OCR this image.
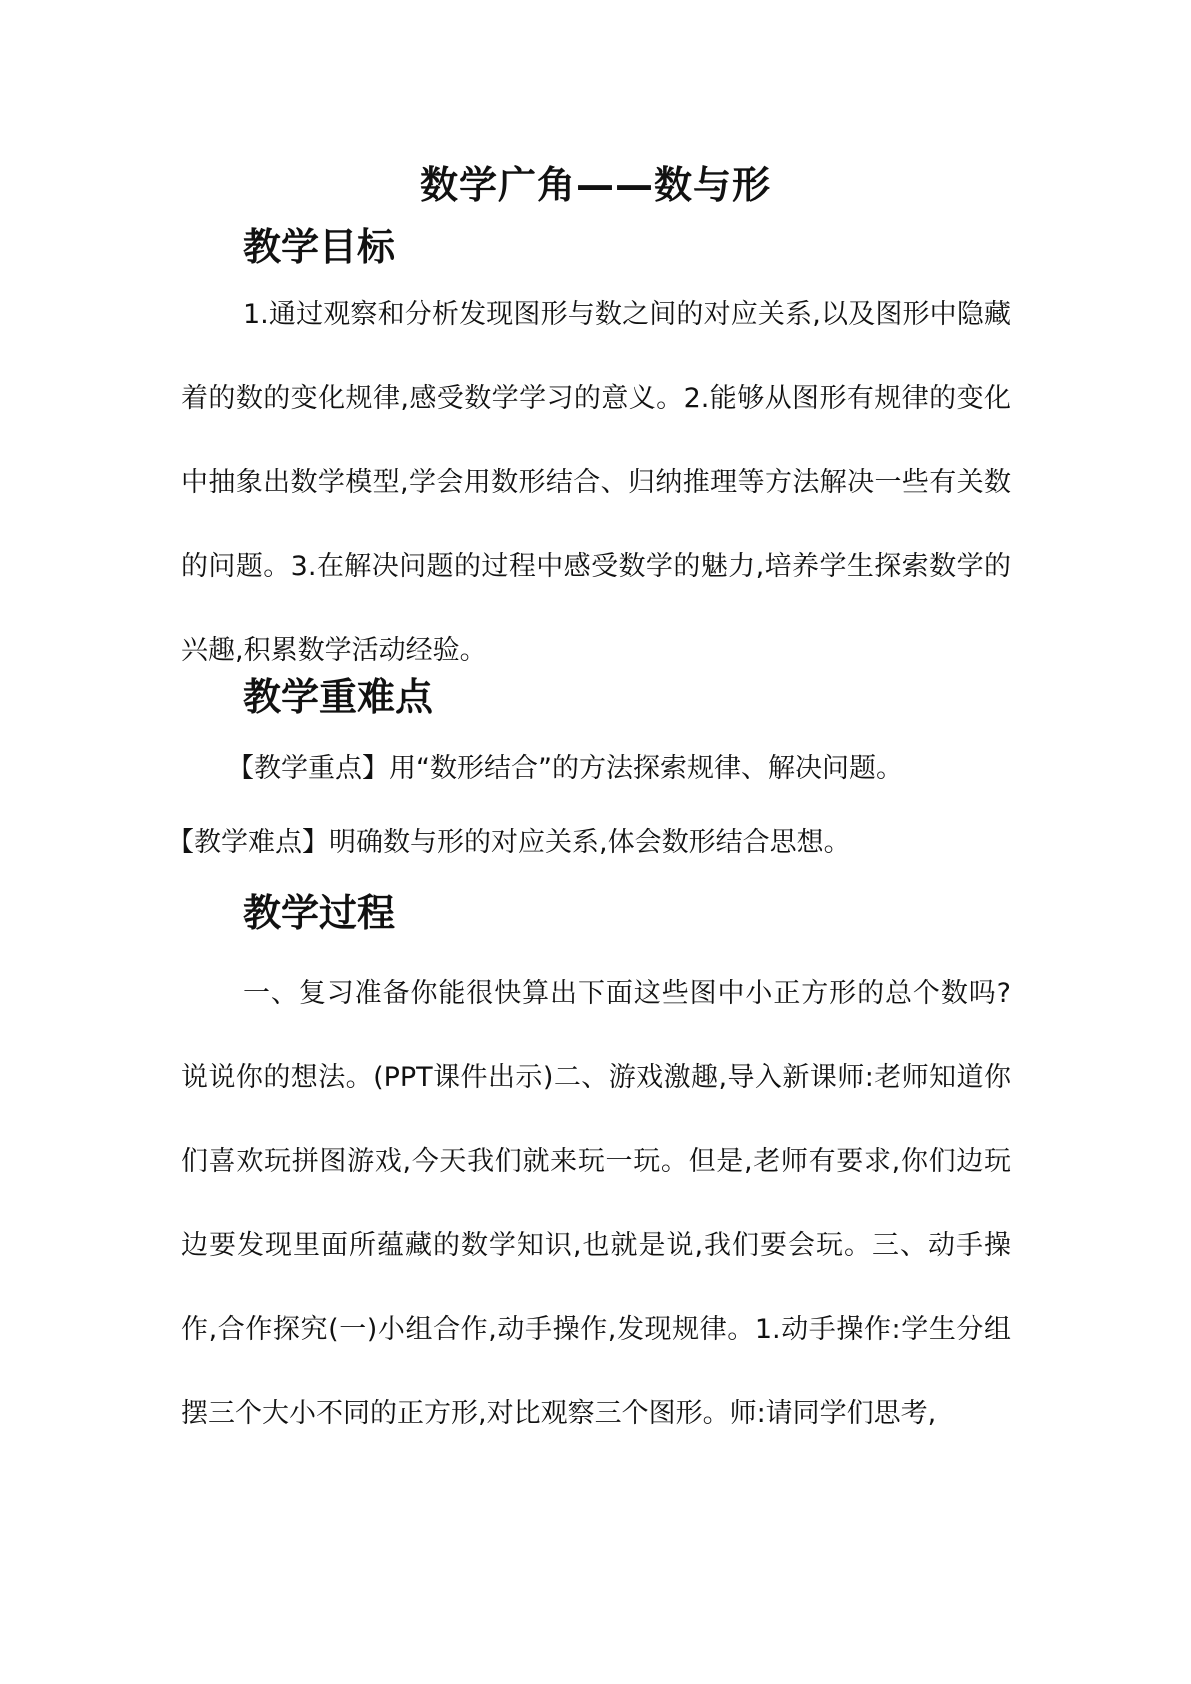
数学广角——数与形
教学目标
1.通过观察和分析发现图形与数之间的对应关系,以及图形中隐藏着的数的变化规律,感受数学学习的意义。2.能够从图形有规律的变化中抽象出数学模型,学会用数形结合、归纳推理等方法解决一些有关数的问题。3.在解决问题的过程中感受数学的魅力,培养学生探索数学的兴趣,积累数学活动经验。
教学重难点
【教学重点】用“数形结合”的方法探索规律、解决问题。
【教学难点】明确数与形的对应关系,体会数形结合思想。
教学过程
一、复习准备你能很快算出下面这些图中小正方形的总个数吗?说说你的想法。(PPT课件出示)二、游戏激趣,导入新课师:老师知道你们喜欢玩拼图游戏,今天我们就来玩一玩。但是,老师有要求,你们边玩边要发现里面所蕴藏的数学知识,也就是说,我们要会玩。三、动手操作,合作探究(一)小组合作,动手操作,发现规律。1.动手操作:学生分组摆三个大小不同的正方形,对比观察三个图形。师:请同学们思考,
